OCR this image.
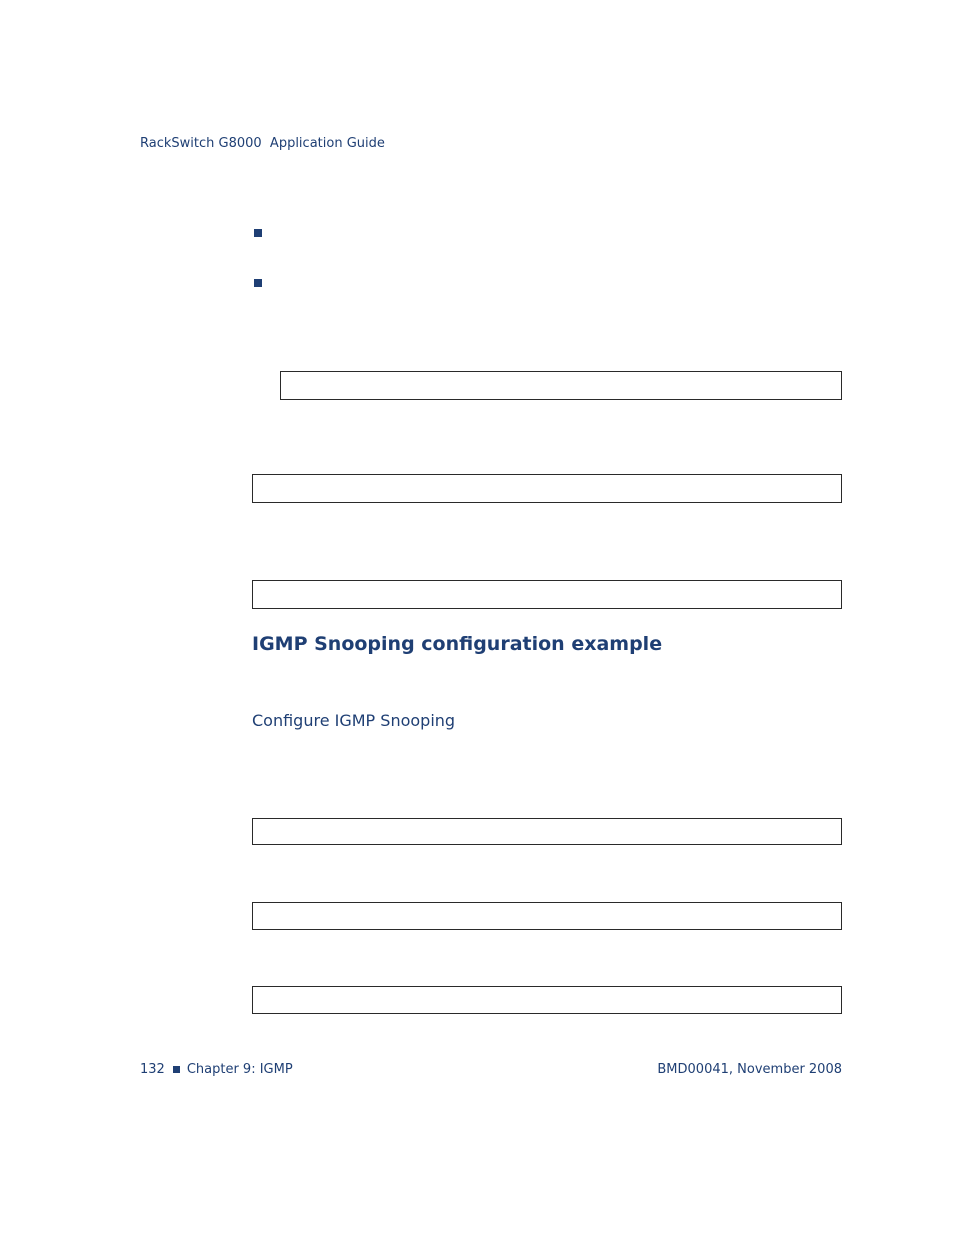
RackSwitch G8000  Application Guide
IGMP Snooping configuration example
Configure IGMP Snooping
132 Chapter 9: IGMP	BMD00041, November 2008
